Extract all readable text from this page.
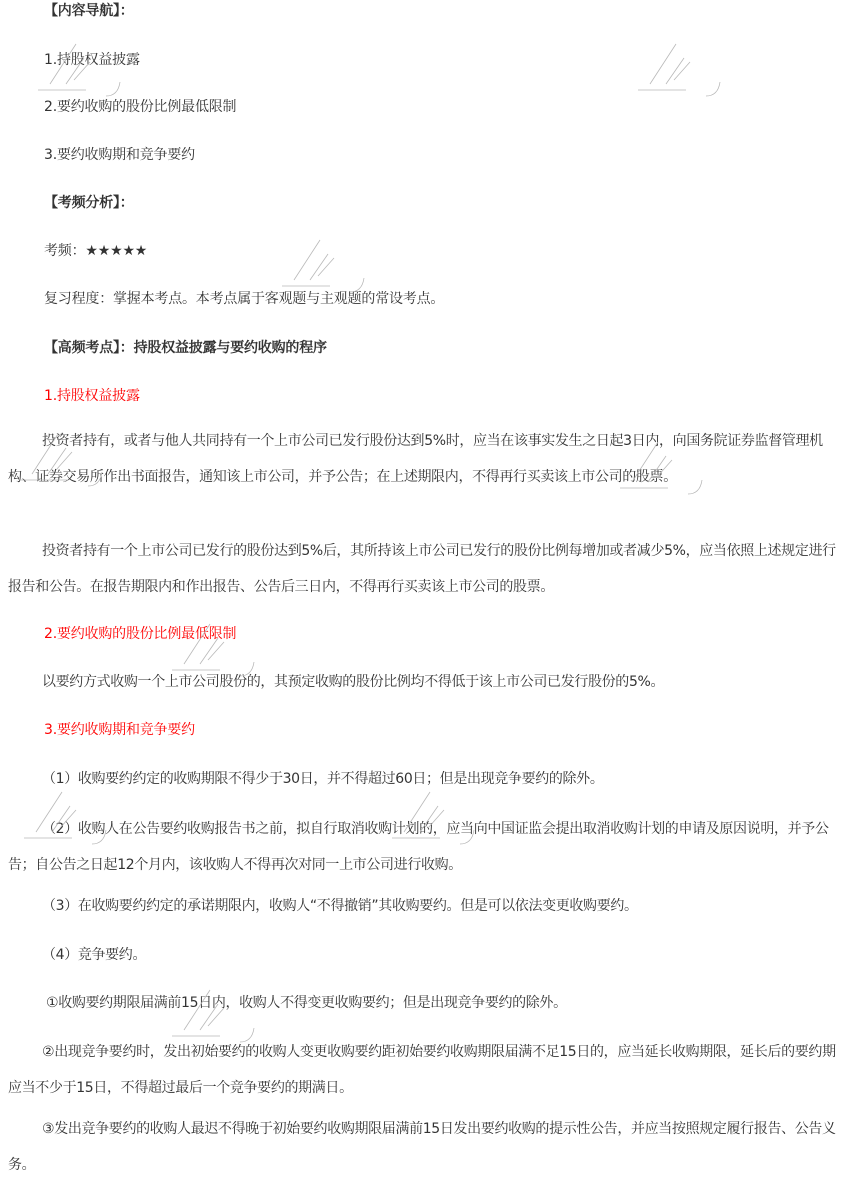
【内容导航】：
1.持股权益披露
2.要约收购的股份比例最低限制
3.要约收购期和竞争要约
【考频分析】：
考频：★★★★★
复习程度：掌握本考点。本考点属于客观题与主观题的常设考点。
【高频考点】：持股权益披露与要约收购的程序
1.持股权益披露
投资者持有，或者与他人共同持有一个上市公司已发行股份达到5%时，应当在该事实发生之日起3日内，向国务院证券监督管理机构、证券交易所作出书面报告，通知该上市公司，并予公告；在上述期限内，不得再行买卖该上市公司的股票。
投资者持有一个上市公司已发行的股份达到5%后，其所持该上市公司已发行的股份比例每增加或者减少5%，应当依照上述规定进行报告和公告。在报告期限内和作出报告、公告后三日内，不得再行买卖该上市公司的股票。
2.要约收购的股份比例最低限制
以要约方式收购一个上市公司股份的，其预定收购的股份比例均不得低于该上市公司已发行股份的5%。
3.要约收购期和竞争要约
（1）收购要约约定的收购期限不得少于30日，并不得超过60日；但是出现竞争要约的除外。
（2）收购人在公告要约收购报告书之前，拟自行取消收购计划的，应当向中国证监会提出取消收购计划的申请及原因说明，并予公告；自公告之日起12个月内，该收购人不得再次对同一上市公司进行收购。
（3）在收购要约约定的承诺期限内，收购人“不得撤销”其收购要约。但是可以依法变更收购要约。
（4）竞争要约。
①收购要约期限届满前15日内，收购人不得变更收购要约；但是出现竞争要约的除外。
②出现竞争要约时，发出初始要约的收购人变更收购要约距初始要约收购期限届满不足15日的，应当延长收购期限，延长后的要约期应当不少于15日，不得超过最后一个竞争要约的期满日。
③发出竞争要约的收购人最迟不得晚于初始要约收购期限届满前15日发出要约收购的提示性公告，并应当按照规定履行报告、公告义务。
